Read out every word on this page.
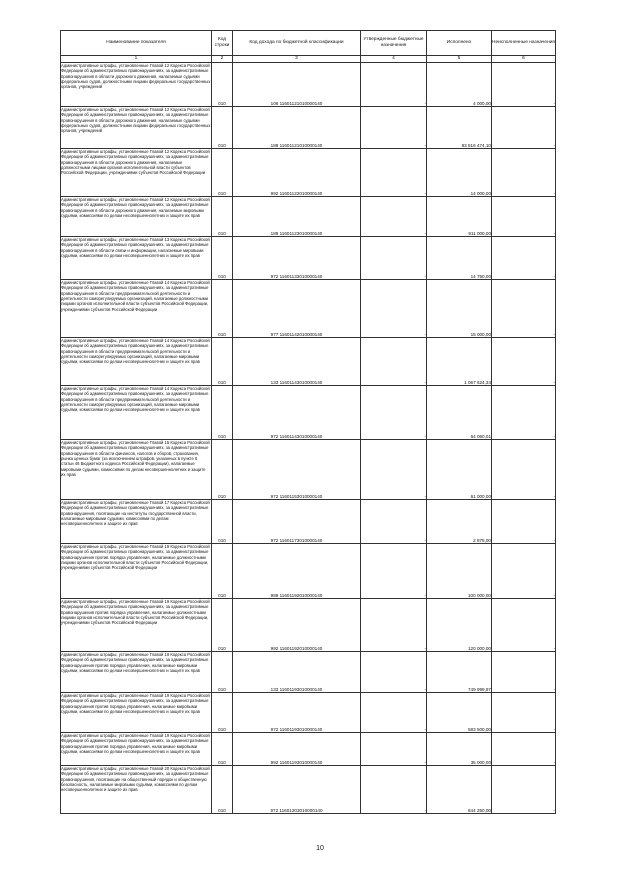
Наименование показателя	Код строки	Код дохода по бюджетной классификации	Утвержденные бюджетные назначения	Исполнено	Неисполненные назначения
1	2	3	4	5	6
Административные штрафы, установленные Главой 12 Кодекса Российской Федерации об административных правонарушениях, за административные правонарушения в области дорожного движения, налагаемые судьями федеральных судов, должностными лицами федеральных государственных органов, учреждений	010	106 11601121010000140	-	4 000,00	-
Административные штрафы, установленные Главой 12 Кодекса Российской Федерации об административных правонарушениях, за административные правонарушения в области дорожного движения, налагаемые судьями федеральных судов, должностными лицами федеральных государственных органов, учреждений	010	188 11601121010000140	-	93 516 474,10	-
Административные штрафы, установленные Главой 12 Кодекса Российской Федерации об административных правонарушениях, за административные правонарушения в области дорожного движения, налагаемые должностными лицами органов исполнительной власти субъектов Российской Федерации, учреждениями субъектов Российской Федерации	010	992 11601122010000140	-	14 000,00	-
Административные штрафы, установленные Главой 12 Кодекса Российской Федерации об административных правонарушениях, за административные правонарушения в области дорожного движения, налагаемые мировыми судьями, комиссиями по делам несовершеннолетних и защите их прав	010	189 11601123010000140	-	911 000,00	-
Административные штрафы, установленные Главой 13 Кодекса Российской Федерации об административных правонарушениях, за административные правонарушения в области связи и информации, налагаемые мировыми судьями, комиссиями по делам несовершеннолетних и защите их прав	010	972 11601133010000140	-	14 750,00	-
Административные штрафы, установленные Главой 14 Кодекса Российской Федерации об административных правонарушениях, за административные правонарушения в области предпринимательской деятельности и деятельности саморегулируемых организаций, налагаемые должностными лицами органов исполнительной власти субъектов Российской Федерации, учреждениями субъектов Российской Федерации	010	977 11601142010000140	-	15 000,00	-
Административные штрафы, установленные Главой 14 Кодекса Российской Федерации об административных правонарушениях, за административные правонарушения в области предпринимательской деятельности и деятельности саморегулируемых организаций, налагаемые мировыми судьями, комиссиями по делам несовершеннолетних и защите их прав	010	133 11601143010000140	-	1 067 624,34	-
Административные штрафы, установленные Главой 14 Кодекса Российской Федерации об административных правонарушениях, за административные правонарушения в области предпринимательской деятельности и деятельности саморегулируемых организаций, налагаемые мировыми судьями, комиссиями по делам несовершеннолетних и защите их прав	010	972 11601143010000140	-	64 060,01	-
Административные штрафы, установленные Главой 15 Кодекса Российской Федерации об административных правонарушениях, за административные правонарушения в области финансов, налогов и сборов, страхования, рынка ценных бумаг (за исключением штрафов, указанных в пункте 6 статьи 46 Бюджетного кодекса Российской Федерации), налагаемые мировыми судьями, комиссиями по делам несовершеннолетних и защите их прав	010	972 11601153010000140	-	61 000,00	-
Административные штрафы, установленные Главой 17 Кодекса Российской Федерации об административных правонарушениях, за административные правонарушения, посягающие на институты государственной власти, налагаемые мировыми судьями, комиссиями по делам несовершеннолетних и защите их прав	010	972 11601173010000140	-	2 875,00	-
Административные штрафы, установленные Главой 19 Кодекса Российской Федерации об административных правонарушениях, за административные правонарушения против порядка управления, налагаемые должностными лицами органов исполнительной власти субъектов Российской Федерации, учреждениями субъектов Российской Федерации	010	989 11601192010000140	-	100 000,00	-
Административные штрафы, установленные Главой 19 Кодекса Российской Федерации об административных правонарушениях, за административные правонарушения против порядка управления, налагаемые должностными лицами органов исполнительной власти субъектов Российской Федерации, учреждениями субъектов Российской Федерации	010	992 11601192010000140	-	120 000,00	-
Административные штрафы, установленные Главой 19 Кодекса Российской Федерации об административных правонарушениях, за административные правонарушения против порядка управления, налагаемые мировыми судьями, комиссиями по делам несовершеннолетних и защите их прав	010	133 11601193010000140	-	749 999,97	-
Административные штрафы, установленные Главой 19 Кодекса Российской Федерации об административных правонарушениях, за административные правонарушения против порядка управления, налагаемые мировыми судьями, комиссиями по делам несовершеннолетних и защите их прав	010	972 11601193010000140	-	583 500,00	-
Административные штрафы, установленные Главой 19 Кодекса Российской Федерации об административных правонарушениях, за административные правонарушения против порядка управления, налагаемые мировыми судьями, комиссиями по делам несовершеннолетних и защите их прав	010	992 11601193010000140	-	35 000,00	-
Административные штрафы, установленные Главой 20 Кодекса Российской Федерации об административных правонарушениях, за административные правонарушения, посягающие на общественный порядок и общественную безопасность, налагаемые мировыми судьями, комиссиями по делам несовершеннолетних и защите их прав	010	972 11601203010000140	-	644 250,00	-
10
